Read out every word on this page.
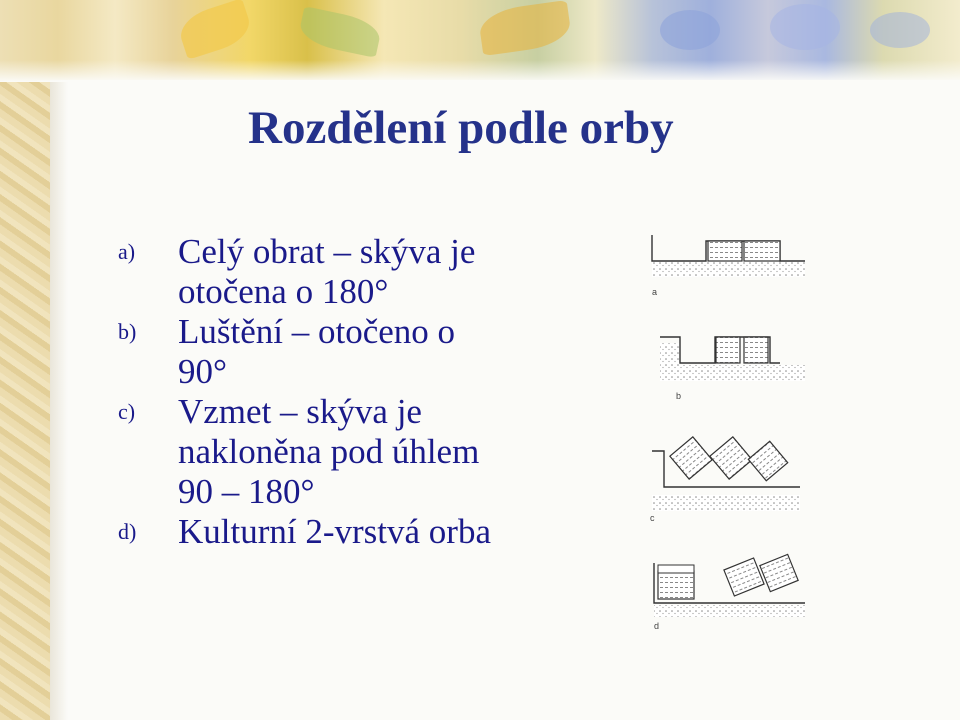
Rozdělení podle orby
a)	Celý obrat – skýva je otočena o 180°
b)	Luštění – otočeno o 90°
c)	Vzmet – skýva je nakloněna pod úhlem 90 – 180°
d)	Kulturní 2-vrstvá orba
a
b
c
d
